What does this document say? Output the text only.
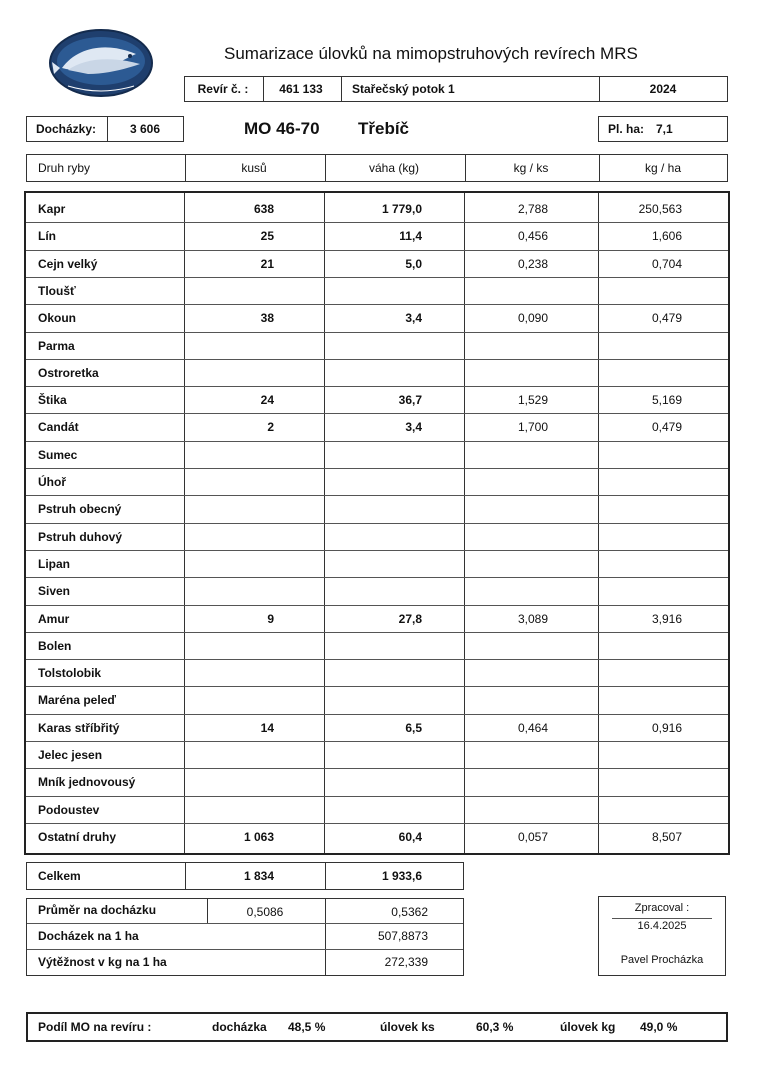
Sumarizace úlovků na mimopstruhových revírech MRS
Revír č. :	461 133	Stařečský potok 1	2024
Docházky:	3 606	MO 46-70	Třebíč	Pl. ha: 7,1
Druh ryby	kusů	váha (kg)	kg / ks	kg / ha
Kapr	638	1 779,0	2,788	250,563
Lín	25	11,4	0,456	1,606
Cejn velký	21	5,0	0,238	0,704
Tloušť
Okoun	38	3,4	0,090	0,479
Parma
Ostroretka
Štika	24	36,7	1,529	5,169
Candát	2	3,4	1,700	0,479
Sumec
Úhoř
Pstruh obecný
Pstruh duhový
Lipan
Siven
Amur	9	27,8	3,089	3,916
Bolen
Tolstolobik
Maréna peleď
Karas stříbřitý	14	6,5	0,464	0,916
Jelec jesen
Mník jednovousý
Podoustev
Ostatní druhy	1 063	60,4	0,057	8,507
Celkem	1 834	1 933,6
Průměr na docházku	0,5086	0,5362
Docházek na 1 ha	507,8873
Výtěžnost v kg na 1 ha	272,339
Zpracoval :
16.4.2025
Pavel Procházka
Podíl MO na revíru :	docházka	48,5 %	úlovek ks	60,3 %	úlovek kg	49,0 %
